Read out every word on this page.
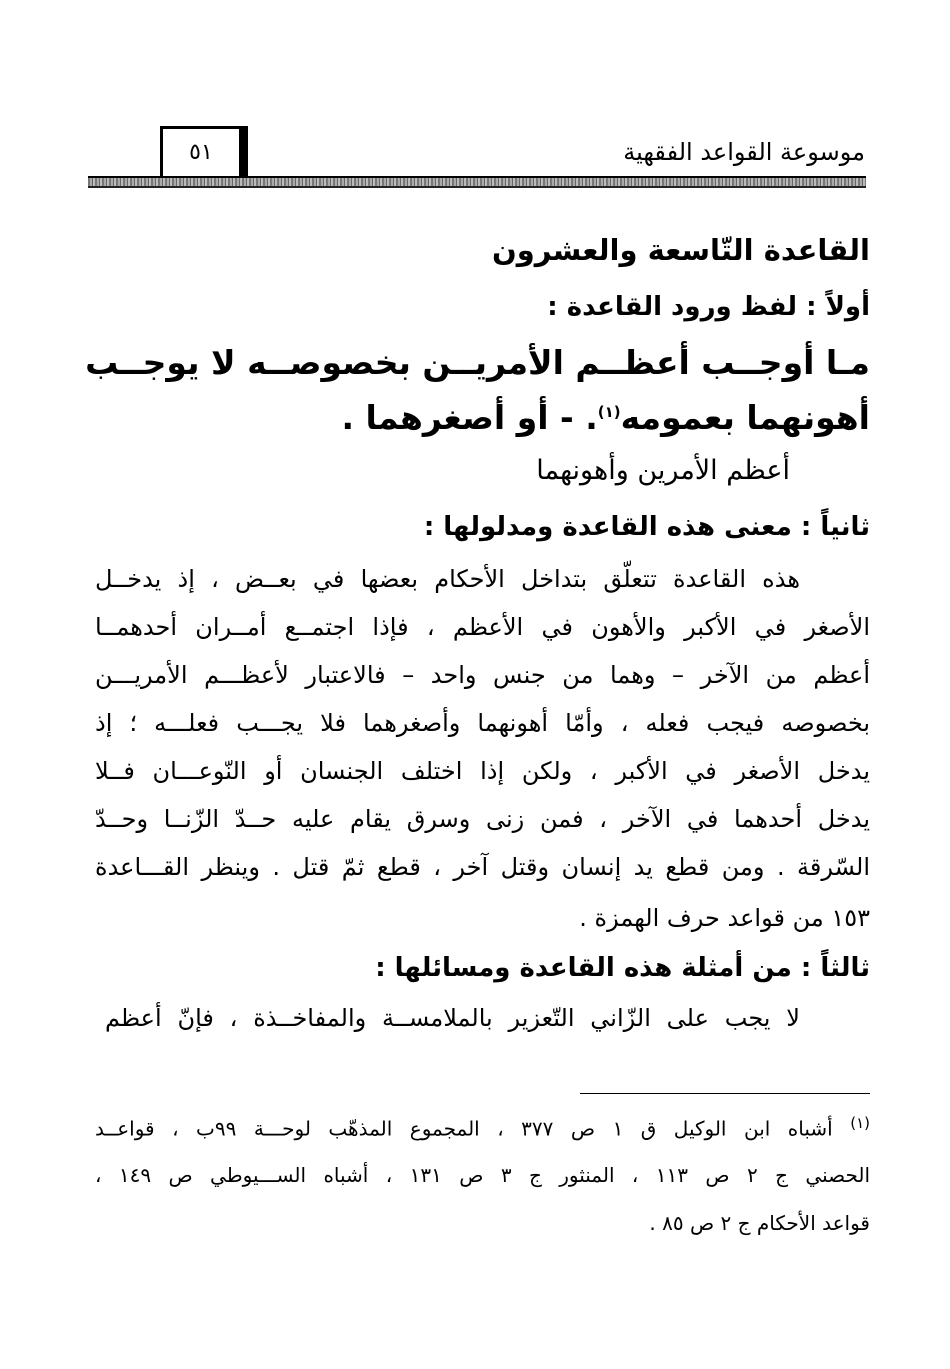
موسوعة القواعد الفقهية
٥١
القاعدة التّاسعة والعشرون
أولاً : لفظ ورود القاعدة :
مـا أوجــب أعظــم الأمريــن بخصوصــه لا يوجــب
أهونهما بعمومه$^{(١)}$. - أو أصغرهما .
أعظم الأمرين وأهونهما
ثانياً : معنى هذه القاعدة ومدلولها :
هذه القاعدة تتعلّق بتداخل الأحكام بعضها في بعــض ، إذ يدخــل
الأصغر في الأكبر والأهون في الأعظم ، فإذا اجتمــع أمــران أحدهمــا
أعظم من الآخر – وهما من جنس واحد – فالاعتبار لأعظـــم الأمريـــن
بخصوصه فيجب فعله ، وأمّا أهونهما وأصغرهما فلا يجـــب فعلـــه ؛ إذ
يدخل الأصغر في الأكبر ، ولكن إذا اختلف الجنسان أو النّوعـــان فــلا
يدخل أحدهما في الآخر ، فمن زنى وسرق يقام عليه حــدّ الزّنــا وحــدّ
السّرقة . ومن قطع يد إنسان وقتل آخر ، قطع ثمّ قتل . وينظر القـــاعدة
١٥٣ من قواعد حرف الهمزة .
ثالثاً : من أمثلة هذه القاعدة ومسائلها :
لا يجب على الزّاني التّعزير بالملامســة والمفاخــذة ، فإنّ أعظم
$^{(١)}$ أشباه ابن الوكيل ق ١ ص ٣٧٧ ، المجموع المذهّب لوحـــة ٩٩ب ، قواعــد
الحصني ج ٢ ص ١١٣ ، المنثور ج ٣ ص ١٣١ ، أشباه الســـيوطي ص ١٤٩ ،
قواعد الأحكام ج ٢ ص ٨٥ .
